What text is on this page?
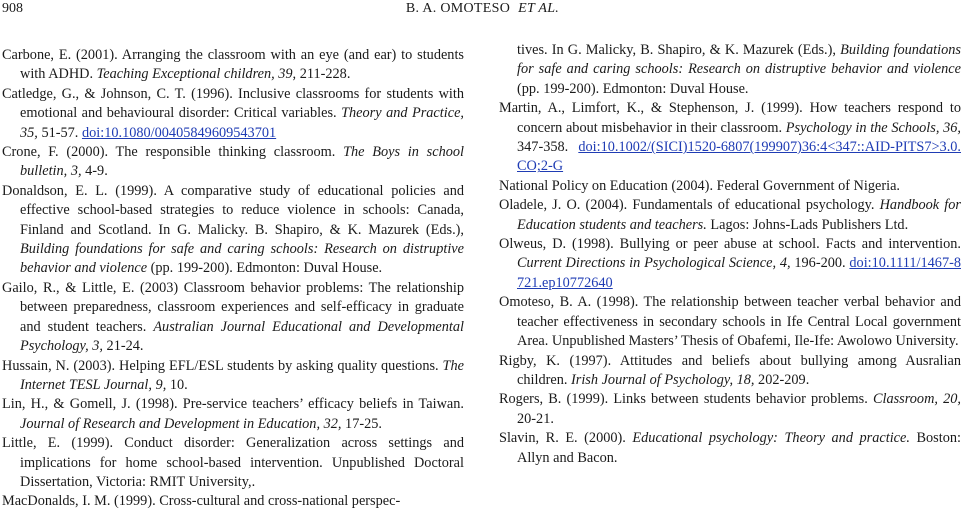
908	B. A. OMOTESO ET AL.

Carbone, E. (2001). Arranging the classroom with an eye (and ear) to students with ADHD. Teaching Exceptional children, 39, 211-228.

Catledge, G., & Johnson, C. T. (1996). Inclusive classrooms for students with emotional and behavioural disorder: Critical variables. Theory and Practice, 35, 51-57. doi:10.1080/00405849609543701

Crone, F. (2000). The responsible thinking classroom. The Boys in school bulletin, 3, 4-9.

Donaldson, E. L. (1999). A comparative study of educational policies and effective school-based strategies to reduce violence in schools: Canada, Finland and Scotland. In G. Malicky. B. Shapiro, & K. Mazurek (Eds.), Building foundations for safe and caring schools: Research on distruptive behavior and violence (pp. 199-200). Edmonton: Duval House.

Gailo, R., & Little, E. (2003) Classroom behavior problems: The relationship between preparedness, classroom experiences and self-efficacy in graduate and student teachers. Australian Journal Educational and Developmental Psychology, 3, 21-24.

Hussain, N. (2003). Helping EFL/ESL students by asking quality questions. The Internet TESL Journal, 9, 10.

Lin, H., & Gomell, J. (1998). Pre-service teachers’ efficacy beliefs in Taiwan. Journal of Research and Development in Education, 32, 17-25.

Little, E. (1999). Conduct disorder: Generalization across settings and implications for home school-based intervention. Unpublished Doctoral Dissertation, Victoria: RMIT University,.

MacDonalds, I. M. (1999). Cross-cultural and cross-national perspec-

tives. In G. Malicky, B. Shapiro, & K. Mazurek (Eds.), Building foundations for safe and caring schools: Research on distruptive behavior and violence (pp. 199-200). Edmonton: Duval House.

Martin, A., Limfort, K., & Stephenson, J. (1999). How teachers respond to concern about misbehavior in their classroom. Psychology in the Schools, 36, 347-358. doi:10.1002/(SICI)1520-6807(199907)36:4<347::AID-PITS7>3.0.CO;2-G

National Policy on Education (2004). Federal Government of Nigeria.

Oladele, J. O. (2004). Fundamentals of educational psychology. Handbook for Education students and teachers. Lagos: Johns-Lads Publishers Ltd.

Olweus, D. (1998). Bullying or peer abuse at school. Facts and intervention. Current Directions in Psychological Science, 4, 196-200. doi:10.1111/1467-8721.ep10772640

Omoteso, B. A. (1998). The relationship between teacher verbal behavior and teacher effectiveness in secondary schools in Ife Central Local government Area. Unpublished Masters’ Thesis of Obafemi, Ile-Ife: Awolowo University.

Rigby, K. (1997). Attitudes and beliefs about bullying among Ausralian children. Irish Journal of Psychology, 18, 202-209.

Rogers, B. (1999). Links between students behavior problems. Classroom, 20, 20-21.

Slavin, R. E. (2000). Educational psychology: Theory and practice. Boston: Allyn and Bacon.
